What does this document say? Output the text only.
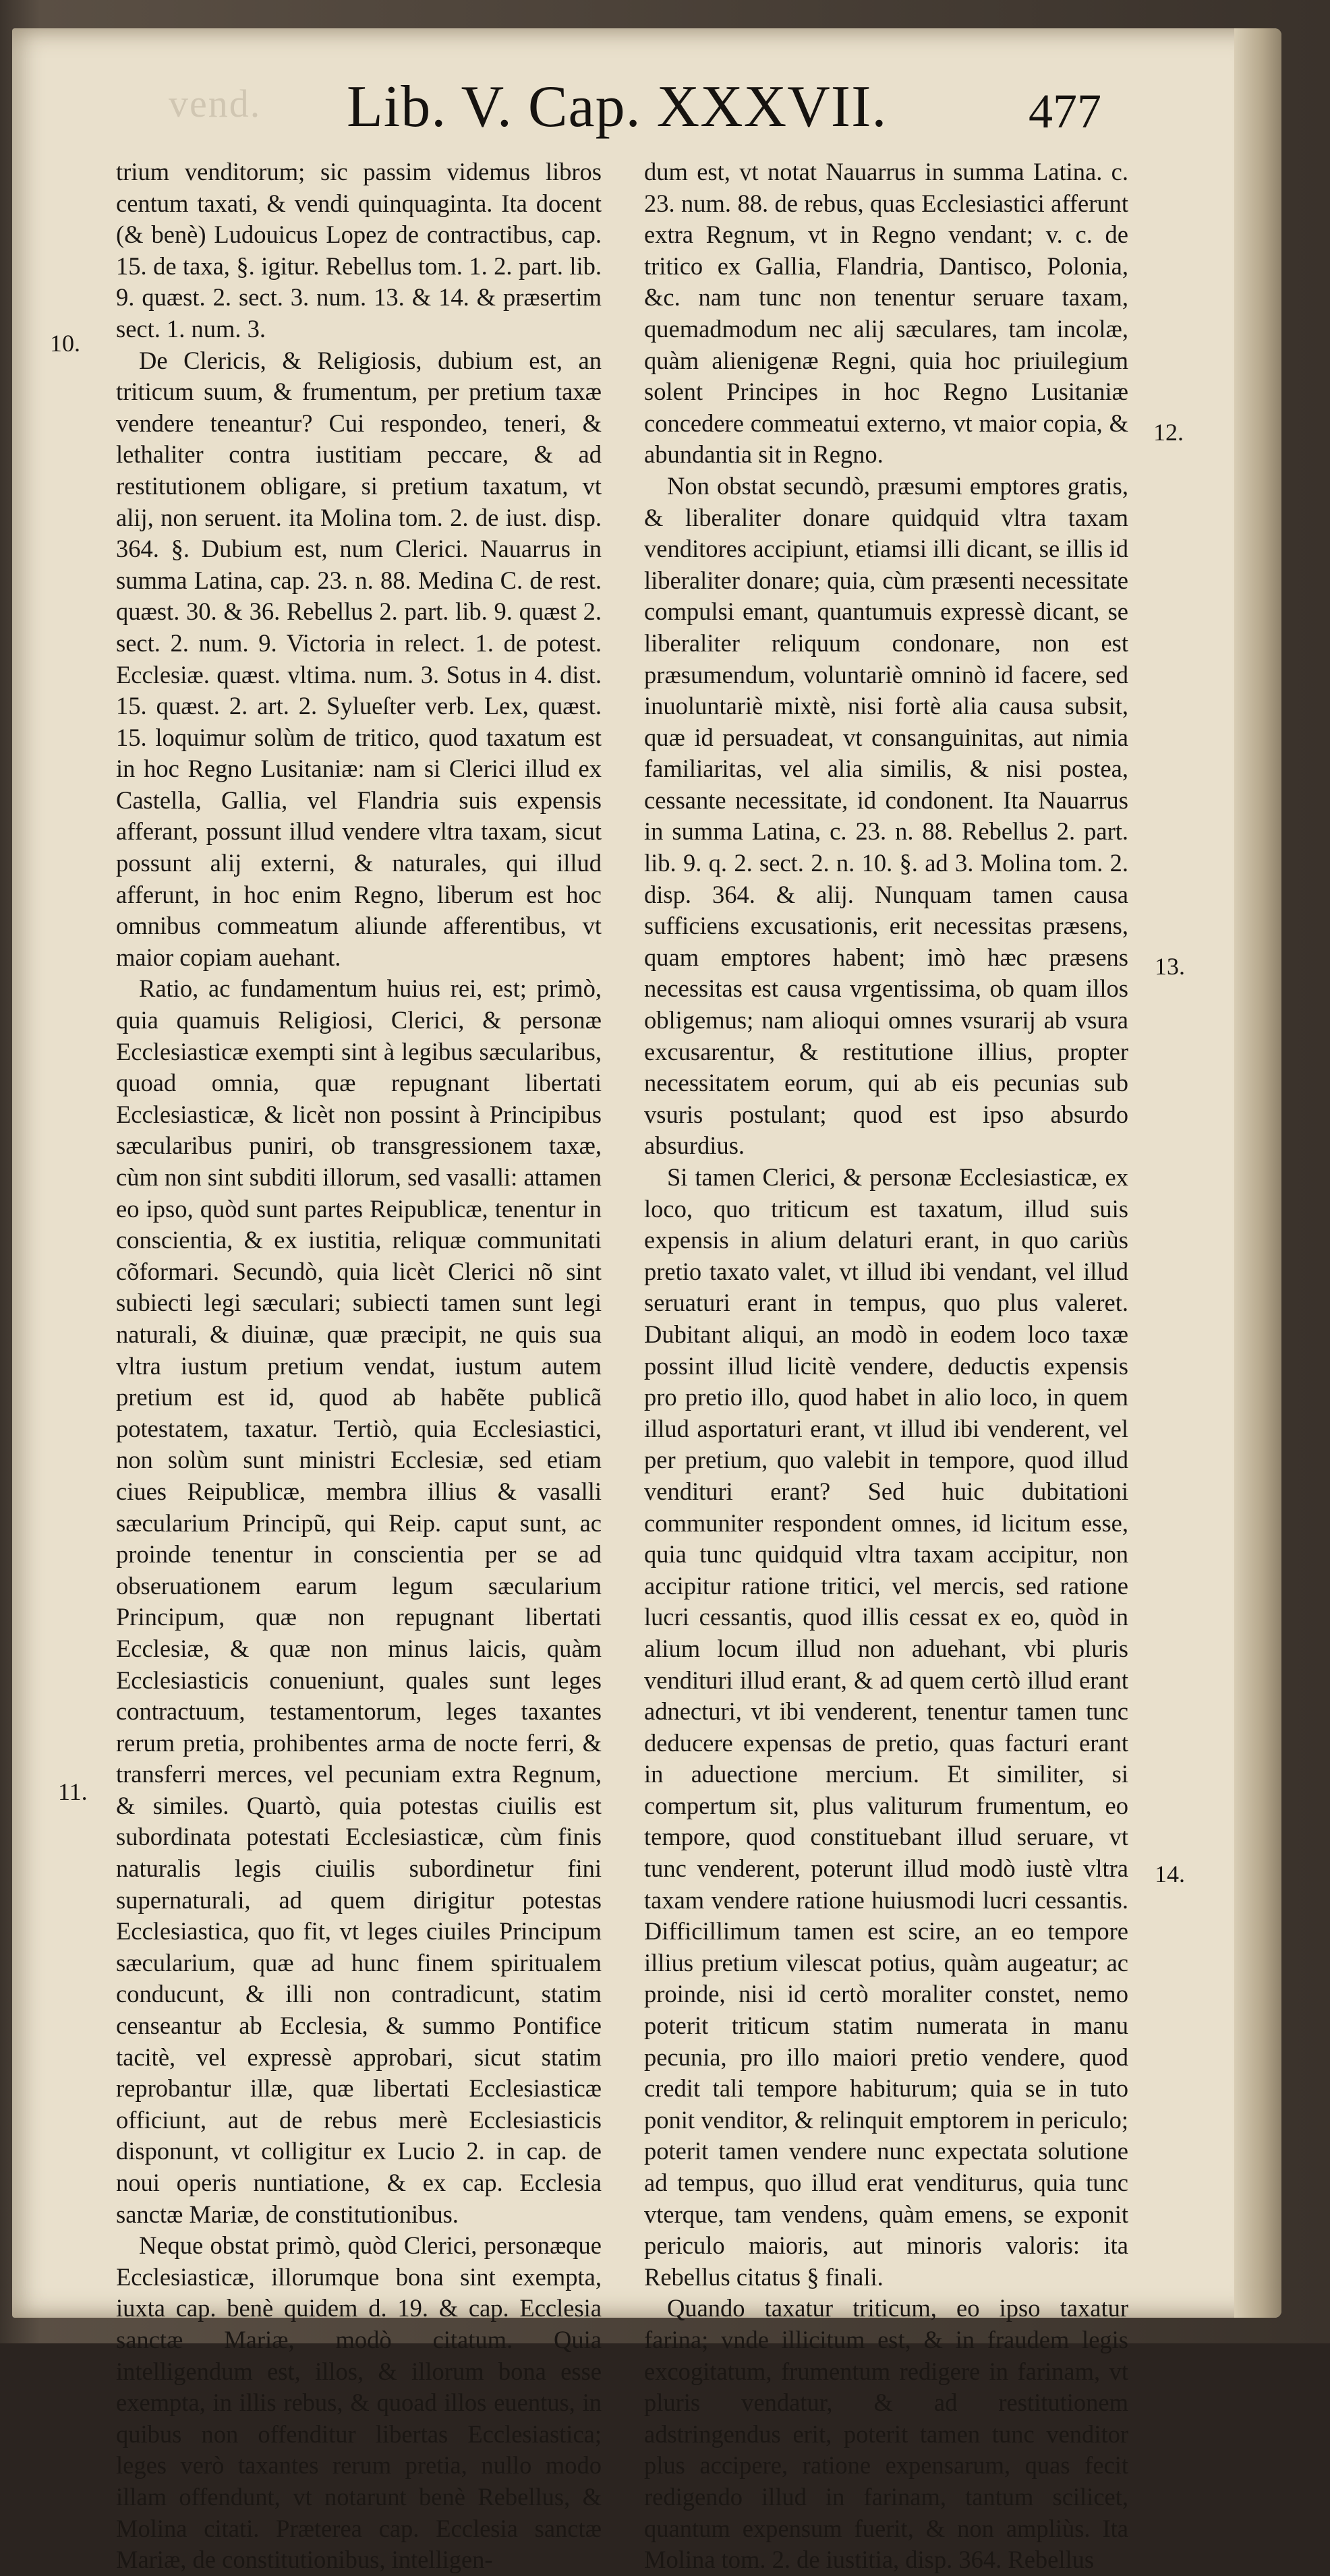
vend. Lib. V. Cap. XXXVII.	477
10.
11.
12.
13.
14.

trium venditorum; sic passim videmus libros centum taxati, & vendi quinquaginta. Ita docent (& benè) Ludouicus Lopez de contractibus, cap. 15. de taxa, §. igitur. Rebellus tom. 1. 2. part. lib. 9. quæst. 2. sect. 3. num. 13. & 14. & præsertim sect. 1. num. 3.

De Clericis, & Religiosis, dubium est, an triticum suum, & frumentum, per pretium taxæ vendere teneantur? Cui respondeo, teneri, & lethaliter contra iustitiam peccare, & ad restitutionem obligare, si pretium taxatum, vt alij, non seruent. ita Molina tom. 2. de iust. disp. 364. §. Dubium est, num Clerici. Nauarrus in summa Latina, cap. 23. n. 88. Medina C. de rest. quæst. 30. & 36. Rebellus 2. part. lib. 9. quæst 2. sect. 2. num. 9. Victoria in relect. 1. de potest. Ecclesiæ. quæst. vltima. num. 3. Sotus in 4. dist. 15. quæst. 2. art. 2. Sylueſter verb. Lex, quæst. 15. loquimur solùm de tritico, quod taxatum est in hoc Regno Lusitaniæ: nam si Clerici illud ex Castella, Gallia, vel Flandria suis expensis afferant, possunt illud vendere vltra taxam, sicut possunt alij externi, & naturales, qui illud afferunt, in hoc enim Regno, liberum est hoc omnibus commeatum aliunde afferentibus, vt maior copiam auehant.

Ratio, ac fundamentum huius rei, est; primò, quia quamuis Religiosi, Clerici, & personæ Ecclesiasticæ exempti sint à legibus sæcularibus, quoad omnia, quæ repugnant libertati Ecclesiasticæ, & licèt non possint à Principibus sæcularibus puniri, ob transgressionem taxæ, cùm non sint subditi illorum, sed vasalli: attamen eo ipso, quòd sunt partes Reipublicæ, tenentur in conscientia, & ex iustitia, reliquæ communitati cõformari. Secundò, quia licèt Clerici nõ sint subiecti legi sæculari; subiecti tamen sunt legi naturali, & diuinæ, quæ præcipit, ne quis sua vltra iustum pretium vendat, iustum autem pretium est id, quod ab habẽte publicã potestatem, taxatur. Tertiò, quia Ecclesiastici, non solùm sunt ministri Ecclesiæ, sed etiam ciues Reipublicæ, membra illius & vasalli sæcularium Principũ, qui Reip. caput sunt, ac proinde tenentur in conscientia per se ad obseruationem earum legum sæcularium Principum, quæ non repugnant libertati Ecclesiæ, & quæ non minus laicis, quàm Ecclesiasticis conueniunt, quales sunt leges contractuum, testamentorum, leges taxantes rerum pretia, prohibentes arma de nocte ferri, & transferri merces, vel pecuniam extra Regnum, & similes. Quartò, quia potestas ciuilis est subordinata potestati Ecclesiasticæ, cùm finis naturalis legis ciuilis subordinetur fini supernaturali, ad quem dirigitur potestas Ecclesiastica, quo fit, vt leges ciuiles Principum sæcularium, quæ ad hunc finem spiritualem conducunt, & illi non contradicunt, statim censeantur ab Ecclesia, & summo Pontifice tacitè, vel expressè approbari, sicut statim reprobantur illæ, quæ libertati Ecclesiasticæ officiunt, aut de rebus merè Ecclesiasticis disponunt, vt colligitur ex Lucio 2. in cap. de noui operis nuntiatione, & ex cap. Ecclesia sanctæ Mariæ, de constitutionibus.

Neque obstat primò, quòd Clerici, personæque Ecclesiasticæ, illorumque bona sint exempta, iuxta cap. benè quidem d. 19. & cap. Ecclesia sanctæ Mariæ, modò citatum. Quia intelligendum est, illos, & illorum bona esse exempta, in illis rebus, & quoad illos euentus, in quibus non offenditur libertas Ecclesiastica; leges verò taxantes rerum pretia, nullo modo illam offendunt, vt notarunt benè Rebellus, & Molina citati. Præterea cap. Ecclesia sanctæ Mariæ, de constitutionibus, intelligen-

dum est, vt notat Nauarrus in summa Latina. c. 23. num. 88. de rebus, quas Ecclesiastici afferunt extra Regnum, vt in Regno vendant; v. c. de tritico ex Gallia, Flandria, Dantisco, Polonia, &c. nam tunc non tenentur seruare taxam, quemadmodum nec alij sæculares, tam incolæ, quàm alienigenæ Regni, quia hoc priuilegium solent Principes in hoc Regno Lusitaniæ concedere commeatui externo, vt maior copia, & abundantia sit in Regno.

Non obstat secundò, præsumi emptores gratis, & liberaliter donare quidquid vltra taxam venditores accipiunt, etiamsi illi dicant, se illis id liberaliter donare; quia, cùm præsenti necessitate compulsi emant, quantumuis expressè dicant, se liberaliter reliquum condonare, non est præsumendum, voluntariè omninò id facere, sed inuoluntariè mixtè, nisi fortè alia causa subsit, quæ id persuadeat, vt consanguinitas, aut nimia familiaritas, vel alia similis, & nisi postea, cessante necessitate, id condonent. Ita Nauarrus in summa Latina, c. 23. n. 88. Rebellus 2. part. lib. 9. q. 2. sect. 2. n. 10. §. ad 3. Molina tom. 2. disp. 364. & alij. Nunquam tamen causa sufficiens excusationis, erit necessitas præsens, quam emptores habent; imò hæc præsens necessitas est causa vrgentissima, ob quam illos obligemus; nam alioqui omnes vsurarij ab vsura excusarentur, & restitutione illius, propter necessitatem eorum, qui ab eis pecunias sub vsuris postulant; quod est ipso absurdo absurdius.

Si tamen Clerici, & personæ Ecclesiasticæ, ex loco, quo triticum est taxatum, illud suis expensis in alium delaturi erant, in quo cariùs pretio taxato valet, vt illud ibi vendant, vel illud seruaturi erant in tempus, quo plus valeret. Dubitant aliqui, an modò in eodem loco taxæ possint illud licitè vendere, deductis expensis pro pretio illo, quod habet in alio loco, in quem illud asportaturi erant, vt illud ibi venderent, vel per pretium, quo valebit in tempore, quod illud vendituri erant? Sed huic dubitationi communiter respondent omnes, id licitum esse, quia tunc quidquid vltra taxam accipitur, non accipitur ratione tritici, vel mercis, sed ratione lucri cessantis, quod illis cessat ex eo, quòd in alium locum illud non aduehant, vbi pluris vendituri illud erant, & ad quem certò illud erant adnecturi, vt ibi venderent, tenentur tamen tunc deducere expensas de pretio, quas facturi erant in aduectione mercium. Et similiter, si compertum sit, plus valiturum frumentum, eo tempore, quod constituebant illud seruare, vt tunc venderent, poterunt illud modò iustè vltra taxam vendere ratione huiusmodi lucri cessantis. Difficillimum tamen est scire, an eo tempore illius pretium vilescat potius, quàm augeatur; ac proinde, nisi id certò moraliter constet, nemo poterit triticum statim numerata in manu pecunia, pro illo maiori pretio vendere, quod credit tali tempore habiturum; quia se in tuto ponit venditor, & relinquit emptorem in periculo; poterit tamen vendere nunc expectata solutione ad tempus, quo illud erat venditurus, quia tunc vterque, tam vendens, quàm emens, se exponit periculo maioris, aut minoris valoris: ita Rebellus citatus § finali.

Quando taxatur triticum, eo ipso taxatur farina; vnde illicitum est, & in fraudem legis excogitatum, frumentum redigere in farinam, vt pluris vendatur, & ad restitutionem adstringendus erit, poterit tamen tunc venditor plus accipere, ratione expensarum, quas fecit redigendo illud in farinam, tantum scilicet, quantum expensum fuerit, & non ampliùs. Ita Molina tom. 2. de iustitia, disp. 364. Rebellus
